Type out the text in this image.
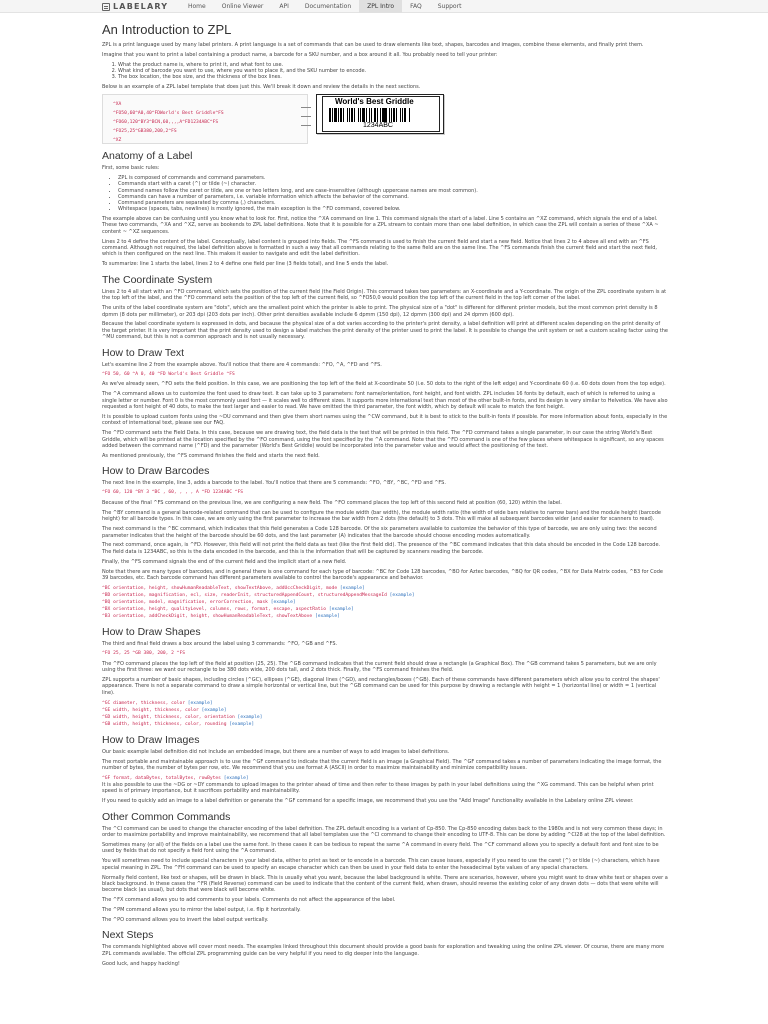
LABELARY	Home	Online Viewer	API	Documentation	ZPL Intro	FAQ	Support
An Introduction to ZPL

ZPL is a print language used by many label printers. A print language is a set of commands that can be used to draw elements like text, shapes, barcodes and images, combine these elements, and finally print them.

Imagine that you want to print a label containing a product name, a barcode for a SKU number, and a box around it all. You probably need to tell your printer:

1. What the product name is, where to print it, and what font to use.
2. What kind of barcode you want to use, where you want to place it, and the SKU number to encode.
3. The box location, the box size, and the thickness of the box lines.

Below is an example of a ZPL label template that does just this. We'll break it down and review the details in the next sections.

^XA
^FO50,60^A0,40^FDWorld's Best Griddle^FS
^FO60,120^BY3^BCN,60,,,,A^FD1234ABC^FS
^FO25,25^GB380,200,2^FS
^XZ
World's Best Griddle
1234ABC
Anatomy of a Label

First, some basic rules:

• ZPL is composed of commands and command parameters.
• Commands start with a caret (^) or tilde (~) character.
• Command names follow the caret or tilde, are one or two letters long, and are case-insensitive (although uppercase names are most common).
• Commands can have a number of parameters, i.e. variable information which affects the behavior of the command.
• Command parameters are separated by comma (,) characters.
• Whitespace (spaces, tabs, newlines) is mostly ignored, the main exception is the ^FD command, covered below.

The example above can be confusing until you know what to look for. First, notice the ^XA command on line 1. This command signals the start of a label. Line 5 contains an ^XZ command, which signals the end of a label. These two commands, ^XA and ^XZ, serve as bookends to ZPL label definitions. Note that it is possible for a ZPL stream to contain more than one label definition, in which case the ZPL will contain a series of these ^XA ~ content ~ ^XZ sequences.

Lines 2 to 4 define the content of the label. Conceptually, label content is grouped into fields. The ^FS command is used to finish the current field and start a new field. Notice that lines 2 to 4 above all end with an ^FS command. Although not required, the label definition above is formatted in such a way that all commands relating to the same field are on the same line. The ^FS commands finish the current field and start the next field, which is then configured on the next line. This makes it easier to navigate and edit the label definition.

To summarize: line 1 starts the label, lines 2 to 4 define one field per line (3 fields total), and line 5 ends the label.

The Coordinate System

Lines 2 to 4 all start with an ^FO command, which sets the position of the current field (the Field Origin). This command takes two parameters: an X-coordinate and a Y-coordinate. The origin of the ZPL coordinate system is at the top left of the label, and the ^FO command sets the position of the top left of the current field, so ^FO50,0 would position the top left of the current field in the top left corner of the label.

The units of the label coordinate system are "dots", which are the smallest point which the printer is able to print. The physical size of a "dot" is different for different printer models, but the most common print density is 8 dpmm (8 dots per millimeter), or 203 dpi (203 dots per inch). Other print densities available include 6 dpmm (150 dpi), 12 dpmm (300 dpi) and 24 dpmm (600 dpi).

Because the label coordinate system is expressed in dots, and because the physical size of a dot varies according to the printer's print density, a label definition will print at different scales depending on the print density of the target printer. It is very important that the print density used to design a label matches the print density of the printer used to print the label. It is possible to change the unit system or set a custom scaling factor using the ^MU command, but this is not a common approach and is not usually necessary.

How to Draw Text

Let's examine line 2 from the example above. You'll notice that there are 4 commands: ^FO, ^A, ^FD and ^FS.

^FO 50, 60 ^A 0, 40 ^FD World's Best Griddle ^FS

As we've already seen, ^FO sets the field position. In this case, we are positioning the top left of the field at X-coordinate 50 (i.e. 50 dots to the right of the left edge) and Y-coordinate 60 (i.e. 60 dots down from the top edge).

The ^A command allows us to customize the font used to draw text. It can take up to 3 parameters: font name/orientation, font height, and font width. ZPL includes 16 fonts by default, each of which is referred to using a single letter or number. Font 0 is the most commonly used font — it scales well to different sizes. It supports more international text than most of the other built-in fonts, and its design is very similar to Helvetica. We have also requested a font height of 40 dots, to make the text larger and easier to read. We have omitted the third parameter, the font width, which by default will scale to match the font height.

It is possible to upload custom fonts using the ~DU command and then give them short names using the ^CW command, but it is best to stick to the built-in fonts if possible. For more information about fonts, especially in the context of international text, please see our FAQ.

The ^FD command sets the Field Data. In this case, because we are drawing text, the field data is the text that will be printed in this field. The ^FD command takes a single parameter, in our case the string World's Best Griddle, which will be printed at the location specified by the ^FO command, using the font specified by the ^A command. Note that the ^FD command is one of the few places where whitespace is significant, so any spaces added between the command name (^FD) and the parameter (World's Best Griddle) would be incorporated into the parameter value and would affect the positioning of the text.

As mentioned previously, the ^FS command finishes the field and starts the next field.

How to Draw Barcodes

The next line in the example, line 3, adds a barcode to the label. You'll notice that there are 5 commands: ^FO, ^BY, ^BC, ^FD and ^FS.

^FO 60, 120 ^BY 3 ^BC , 60, , , , A ^FD 1234ABC ^FS

Because of the final ^FS command on the previous line, we are configuring a new field. The ^FO command places the top left of this second field at position (60, 120) within the label.

The ^BY command is a general barcode-related command that can be used to configure the module width (bar width), the module width ratio (the width of wide bars relative to narrow bars) and the module height (barcode height) for all barcode types. In this case, we are only using the first parameter to increase the bar width from 2 dots (the default) to 3 dots. This will make all subsequent barcodes wider (and easier for scanners to read).

The next command is the ^BC command, which indicates that this field generates a Code 128 barcode. Of the six parameters available to customize the behavior of this type of barcode, we are only using two: the second parameter indicates that the height of the barcode should be 60 dots, and the last parameter (A) indicates that the barcode should choose encoding modes automatically.

The next command, once again, is ^FD. However, this field will not print the field data as text (like the first field did). The presence of the ^BC command indicates that this data should be encoded in the Code 128 barcode. The field data is 1234ABC, so this is the data encoded in the barcode, and this is the information that will be captured by scanners reading the barcode.

Finally, the ^FS command signals the end of the current field and the implicit start of a new field.

Note that there are many types of barcodes, and in general there is one command for each type of barcode: ^BC for Code 128 barcodes, ^BO for Aztec barcodes, ^BQ for QR codes, ^BX for Data Matrix codes, ^B3 for Code 39 barcodes, etc. Each barcode command has different parameters available to control the barcode's appearance and behavior.

^BC orientation, height, showHumanReadableText, showTextAbove, addUccCheckDigit, mode [example]
^BD orientation, magnification, ecl, size, readerInit, structuredAppendCount, structuredAppendMessageId [example]
^BQ orientation, model, magnification, errorCorrection, mask [example]
^BX orientation, height, qualityLevel, columns, rows, format, escape, aspectRatio [example]
^B3 orientation, addCheckDigit, height, showHumanReadableText, showTextAbove [example]
How to Draw Shapes

The third and final field draws a box around the label using 3 commands: ^FO, ^GB and ^FS.

^FO 25, 25 ^GB 380, 200, 2 ^FS

The ^FO command places the top left of the field at position (25, 25). The ^GB command indicates that the current field should draw a rectangle (a Graphical Box). The ^GB command takes 5 parameters, but we are only using the first three: we want our rectangle to be 380 dots wide, 200 dots tall, and 2 dots thick. Finally, the ^FS command finishes the field.

ZPL supports a number of basic shapes, including circles (^GC), ellipses (^GE), diagonal lines (^GD), and rectangles/boxes (^GB). Each of these commands have different parameters which allow you to control the shapes' appearance. There is not a separate command to draw a simple horizontal or vertical line, but the ^GB command can be used for this purpose by drawing a rectangle with height = 1 (horizontal line) or width = 1 (vertical line).

^GC diameter, thickness, color [example]
^GE width, height, thickness, color [example]
^GD width, height, thickness, color, orientation [example]
^GB width, height, thickness, color, rounding [example]
How to Draw Images

Our basic example label definition did not include an embedded image, but there are a number of ways to add images to label definitions.

The most portable and maintainable approach is to use the ^GF command to indicate that the current field is an image (a Graphical Field). The ^GF command takes a number of parameters indicating the image format, the number of bytes, the number of bytes per row, etc. We recommend that you use format A (ASCII) in order to maximize maintainability and minimize compatibility issues.

^GF format, dataBytes, totalBytes, rowBytes [example]

It is also possible to use the ~DG or ~DY commands to upload images to the printer ahead of time and then refer to these images by path in your label definitions using the ^XG command. This can be helpful when print speed is of primary importance, but it sacrifices portability and maintainability.

If you need to quickly add an image to a label definition or generate the ^GF command for a specific image, we recommend that you use the "Add Image" functionality available in the Labelary online ZPL viewer.

Other Common Commands

The ^CI command can be used to change the character encoding of the label definition. The ZPL default encoding is a variant of Cp-850. The Cp-850 encoding dates back to the 1980s and is not very common these days; in order to maximize portability and improve maintainability, we recommend that all label templates use the ^CI command to change their encoding to UTF-8. This can be done by adding ^CI28 at the top of the label definition.

Sometimes many (or all) of the fields on a label use the same font. In these cases it can be tedious to repeat the same ^A command in every field. The ^CF command allows you to specify a default font and font size to be used by fields that do not specify a field font using the ^A command.

You will sometimes need to include special characters in your label data, either to print as text or to encode in a barcode. This can cause issues, especially if you need to use the caret (^) or tilde (~) characters, which have special meaning in ZPL. The ^FH command can be used to specify an escape character which can then be used in your field data to enter the hexadecimal byte values of any special characters.

Normally field content, like text or shapes, will be drawn in black. This is usually what you want, because the label background is white. There are scenarios, however, where you might want to draw white text or shapes over a black background. In these cases the ^FR (Field Reverse) command can be used to indicate that the content of the current field, when drawn, should reverse the existing color of any drawn dots — dots that were white will become black (as usual), but dots that were black will become white.

The ^FX command allows you to add comments to your labels. Comments do not affect the appearance of the label.

The ^PM command allows you to mirror the label output, i.e. flip it horizontally.

The ^PO command allows you to invert the label output vertically.

Next Steps

The commands highlighted above will cover most needs. The examples linked throughout this document should provide a good basis for exploration and tweaking using the online ZPL viewer. Of course, there are many more ZPL commands available. The official ZPL programming guide can be very helpful if you need to dig deeper into the language.

Good luck, and happy hacking!
